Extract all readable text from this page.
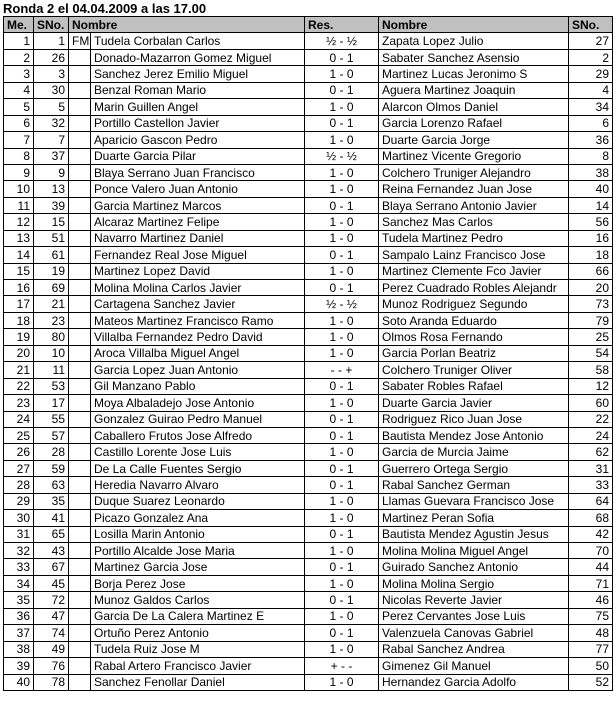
Ronda 2 el 04.04.2009 a las 17.00
Me.	SNo.	Nombre		Res.	Nombre	SNo.
1	1	FM	Tudela Corbalan Carlos	½ - ½	Zapata Lopez Julio	27
2	26		Donado-Mazarron Gomez Miguel	0 - 1	Sabater Sanchez Asensio	2
3	3		Sanchez Jerez Emilio Miguel	1 - 0	Martinez Lucas Jeronimo S	29
4	30		Benzal Roman Mario	0 - 1	Aguera Martinez Joaquin	4
5	5		Marin Guillen Angel	1 - 0	Alarcon Olmos Daniel	34
6	32		Portillo Castellon Javier	0 - 1	Garcia Lorenzo Rafael	6
7	7		Aparicio Gascon Pedro	1 - 0	Duarte Garcia Jorge	36
8	37		Duarte Garcia Pilar	½ - ½	Martinez Vicente Gregorio	8
9	9		Blaya Serrano Juan Francisco	1 - 0	Colchero Truniger Alejandro	38
10	13		Ponce Valero Juan Antonio	1 - 0	Reina Fernandez Juan Jose	40
11	39		Garcia Martinez Marcos	0 - 1	Blaya Serrano Antonio Javier	14
12	15		Alcaraz Martinez Felipe	1 - 0	Sanchez Mas Carlos	56
13	51		Navarro Martinez Daniel	1 - 0	Tudela Martinez Pedro	16
14	61		Fernandez Real Jose Miguel	0 - 1	Sampalo Lainz Francisco Jose	18
15	19		Martinez Lopez David	1 - 0	Martinez Clemente Fco Javier	66
16	69		Molina Molina Carlos Javier	0 - 1	Perez Cuadrado Robles Alejandr	20
17	21		Cartagena Sanchez Javier	½ - ½	Munoz Rodriguez Segundo	73
18	23		Mateos Martinez Francisco Ramo	1 - 0	Soto Aranda Eduardo	79
19	80		Villalba Fernandez Pedro David	1 - 0	Olmos Rosa Fernando	25
20	10		Aroca Villalba Miguel Angel	1 - 0	Garcia Porlan Beatriz	54
21	11		Garcia Lopez Juan Antonio	- - +	Colchero Truniger Oliver	58
22	53		Gil Manzano Pablo	0 - 1	Sabater Robles Rafael	12
23	17		Moya Albaladejo Jose Antonio	1 - 0	Duarte Garcia Javier	60
24	55		Gonzalez Guirao Pedro Manuel	0 - 1	Rodriguez Rico Juan Jose	22
25	57		Caballero Frutos Jose Alfredo	0 - 1	Bautista Mendez Jose Antonio	24
26	28		Castillo Lorente Jose Luis	1 - 0	Garcia de Murcia Jaime	62
27	59		De La Calle Fuentes Sergio	0 - 1	Guerrero Ortega Sergio	31
28	63		Heredia Navarro Alvaro	0 - 1	Rabal Sanchez German	33
29	35		Duque Suarez Leonardo	1 - 0	Llamas Guevara Francisco Jose	64
30	41		Picazo Gonzalez Ana	1 - 0	Martinez Peran Sofia	68
31	65		Losilla Marin Antonio	0 - 1	Bautista Mendez Agustin Jesus	42
32	43		Portillo Alcalde Jose Maria	1 - 0	Molina Molina Miguel Angel	70
33	67		Martinez Garcia Jose	0 - 1	Guirado Sanchez Antonio	44
34	45		Borja Perez Jose	1 - 0	Molina Molina Sergio	71
35	72		Munoz Galdos Carlos	0 - 1	Nicolas Reverte Javier	46
36	47		Garcia De La Calera Martinez E	1 - 0	Perez Cervantes Jose Luis	75
37	74		Ortuño Perez Antonio	0 - 1	Valenzuela Canovas Gabriel	48
38	49		Tudela Ruiz Jose M	1 - 0	Rabal Sanchez Andrea	77
39	76		Rabal Artero Francisco Javier	+ - -	Gimenez Gil Manuel	50
40	78		Sanchez Fenollar Daniel	1 - 0	Hernandez Garcia Adolfo	52
